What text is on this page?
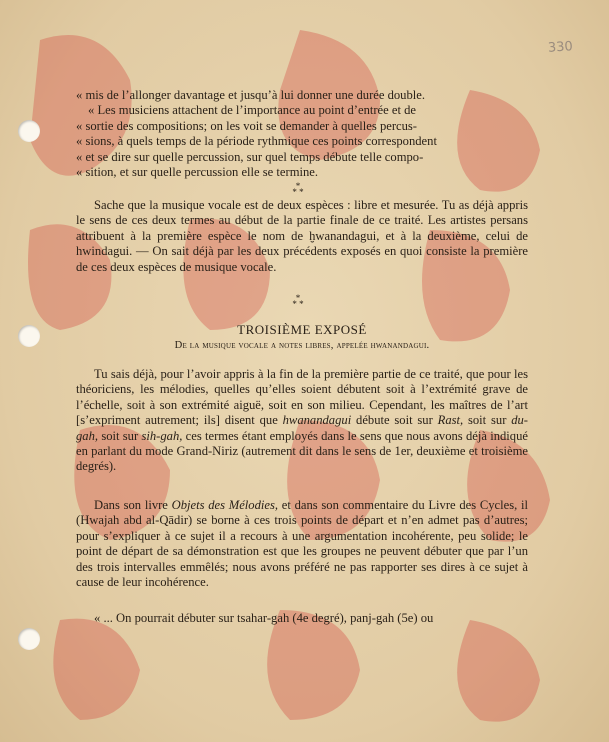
330

« mis de l’allonger davantage et jusqu’à lui donner une durée double.

« Les musiciens attachent de l’importance au point d’entrée et de

« sortie des compositions; on les voit se demander à quelles percus-

« sions, à quels temps de la période rythmique ces points correspondent

« et se dire sur quelle percussion, sur quel temps débute telle compo-

« sition, et sur quelle percussion elle se termine.

*
* *

Sache que la musique vocale est de deux espèces : libre et mesurée. Tu as déjà appris le sens de ces deux termes au début de la partie finale de ce traité. Les artistes persans attribuent à la première espèce le nom de ḫwanandagui, et à la deuxième, celui de hwindagui. — On sait déjà par les deux précédents exposés en quoi consiste la première de ces deux espèces de musique vocale.

*
* *
TROISIÈME EXPOSÉ
De la musique vocale a notes libres, appelée hwanandagui.

Tu sais déjà, pour l’avoir appris à la fin de la première partie de ce traité, que pour les théoriciens, les mélodies, quelles qu’elles soient débutent soit à l’extrémité grave de l’échelle, soit à son extrémité aiguë, soit en son milieu. Cependant, les maîtres de l’art [s’expriment autrement; ils] disent que hwanandagui débute soit sur Rast, soit sur du-gah, soit sur sih-gah, ces termes étant employés dans le sens que nous avons déjà indiqué en parlant du mode Grand-Niriz (autrement dit dans le sens de 1er, deuxième et troisième degrés).

Dans son livre Objets des Mélodies, et dans son commentaire du Livre des Cycles, il (Hwajah abd al-Qādir) se borne à ces trois points de départ et n’en admet pas d’autres; pour s’expliquer à ce sujet il a recours à une argumentation incohérente, peu solide; le point de départ de sa démonstration est que les groupes ne peuvent débuter que par l’un des trois intervalles emmêlés; nous avons préféré ne pas rapporter ses dires à ce sujet à cause de leur incohérence.

« ... On pourrait débuter sur tsahar-gah (4e degré), panj-gah (5e) ou
